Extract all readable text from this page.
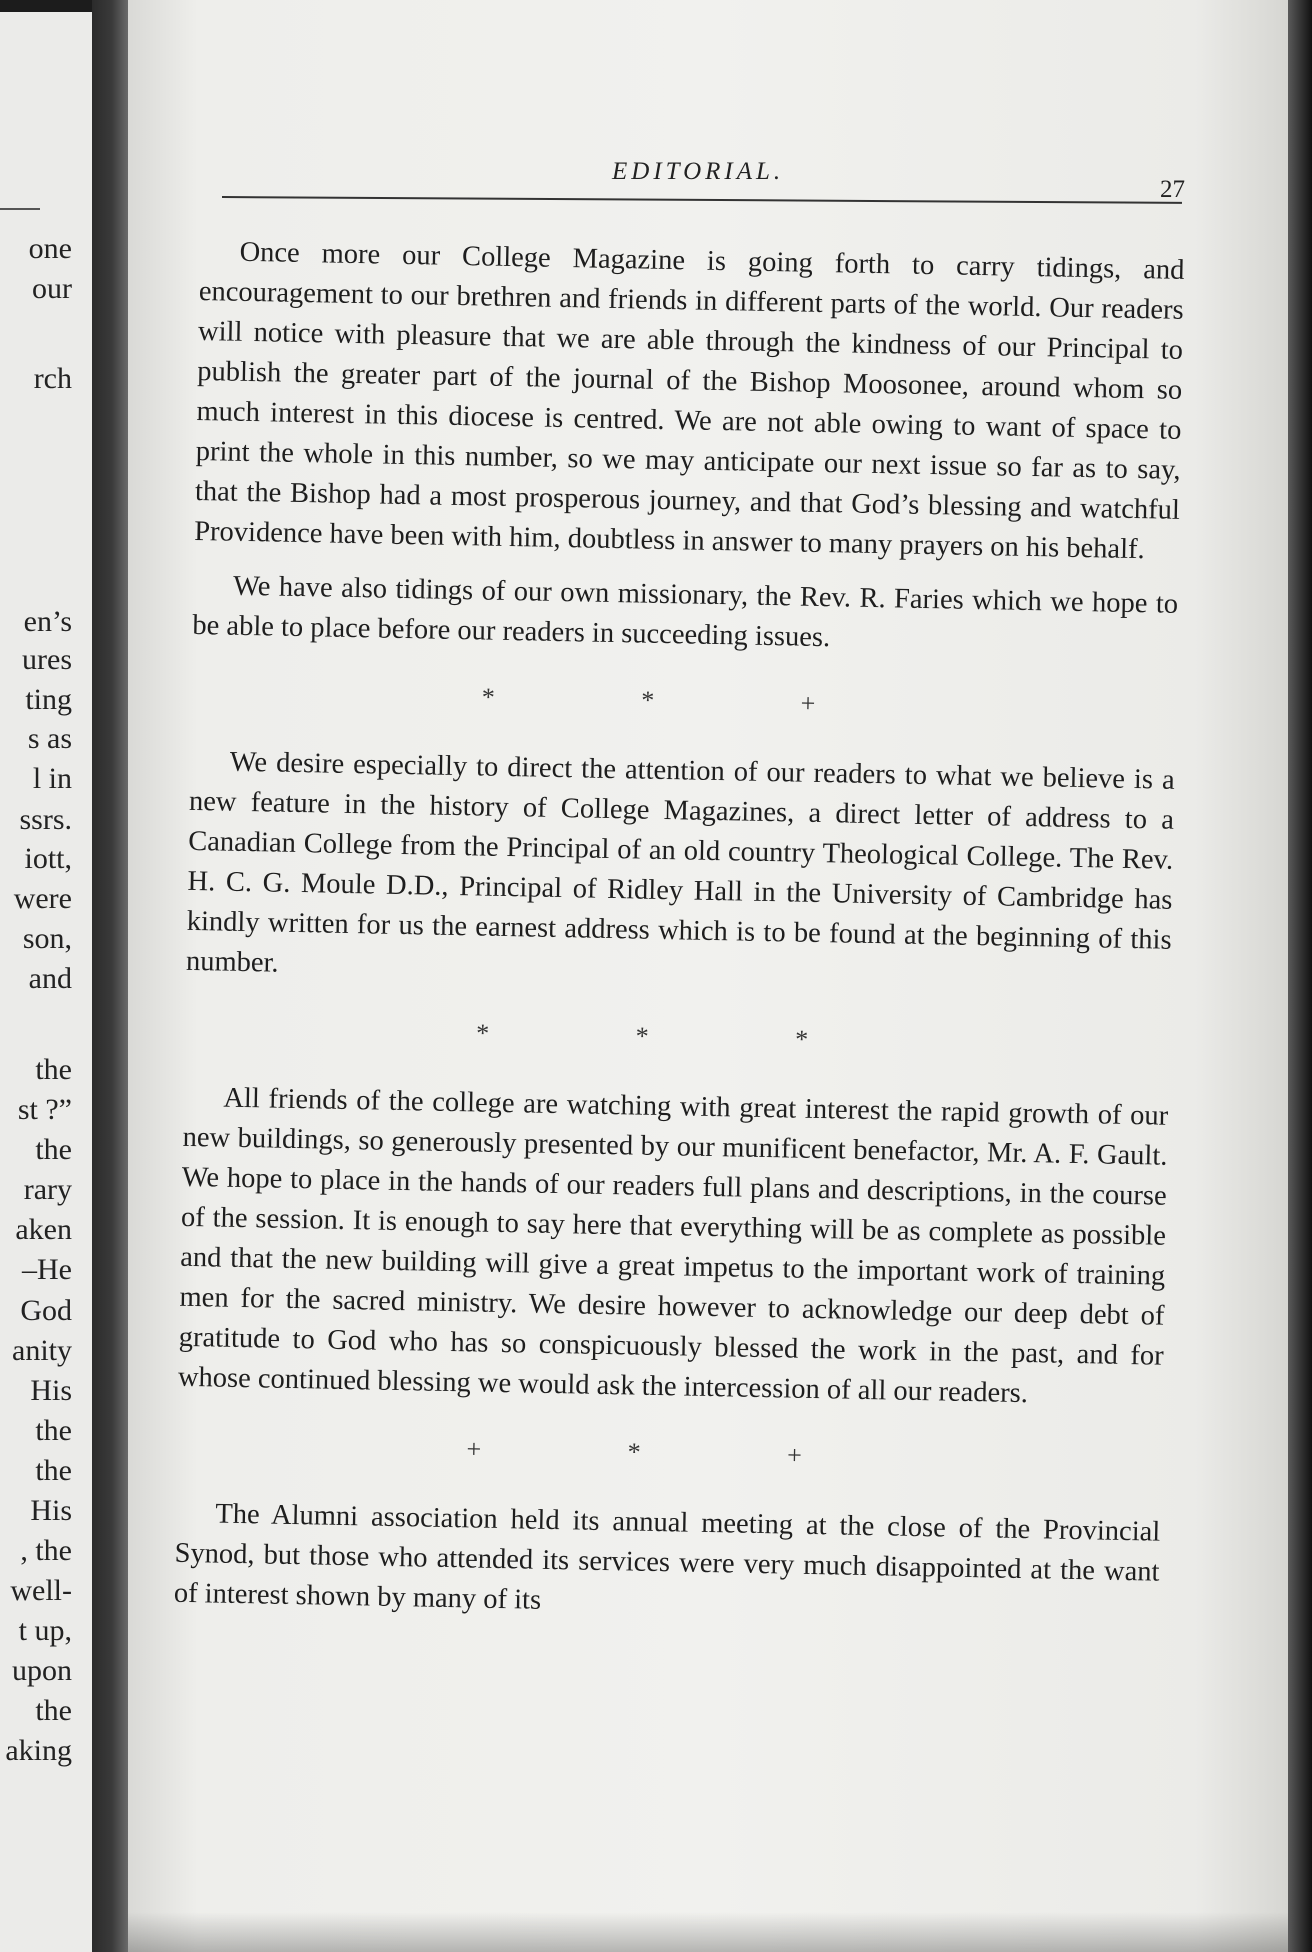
one
our
rch
en’s
ures
ting
s as
l in
ssrs.
iott,
were
son,
and
the
st ?”
the
rary
aken
–He
God
anity
His
the
the
His
, the
well-
t up,
upon
the
aking
EDITORIAL.
27

Once more our College Magazine is going forth to carry tidings, and encouragement to our brethren and friends in different parts of the world. Our readers will notice with pleasure that we are able through the kindness of our Principal to publish the greater part of the journal of the Bishop Moosonee, around whom so much interest in this diocese is centred. We are not able owing to want of space to print the whole in this number, so we may anticipate our next issue so far as to say, that the Bishop had a most prosperous journey, and that God’s blessing and watchful Providence have been with him, doubtless in answer to many prayers on his behalf.

We have also tidings of our own missionary, the Rev. R. Faries which we hope to be able to place before our readers in succeeding issues.

* * +

We desire especially to direct the attention of our readers to what we believe is a new feature in the history of College Magazines, a direct letter of address to a Canadian College from the Principal of an old country Theological College. The Rev. H. C. G. Moule D.D., Principal of Ridley Hall in the University of Cambridge has kindly written for us the earnest address which is to be found at the beginning of this number.

* * *

All friends of the college are watching with great interest the rapid growth of our new buildings, so generously presented by our munificent benefactor, Mr. A. F. Gault. We hope to place in the hands of our readers full plans and descriptions, in the course of the session. It is enough to say here that everything will be as complete as possible and that the new building will give a great impetus to the important work of training men for the sacred ministry. We desire however to acknowledge our deep debt of gratitude to God who has so conspicuously blessed the work in the past, and for whose continued blessing we would ask the intercession of all our readers.

+ * +

The Alumni association held its annual meeting at the close of the Provincial Synod, but those who attended its services were very much disappointed at the want of interest shown by many of its
